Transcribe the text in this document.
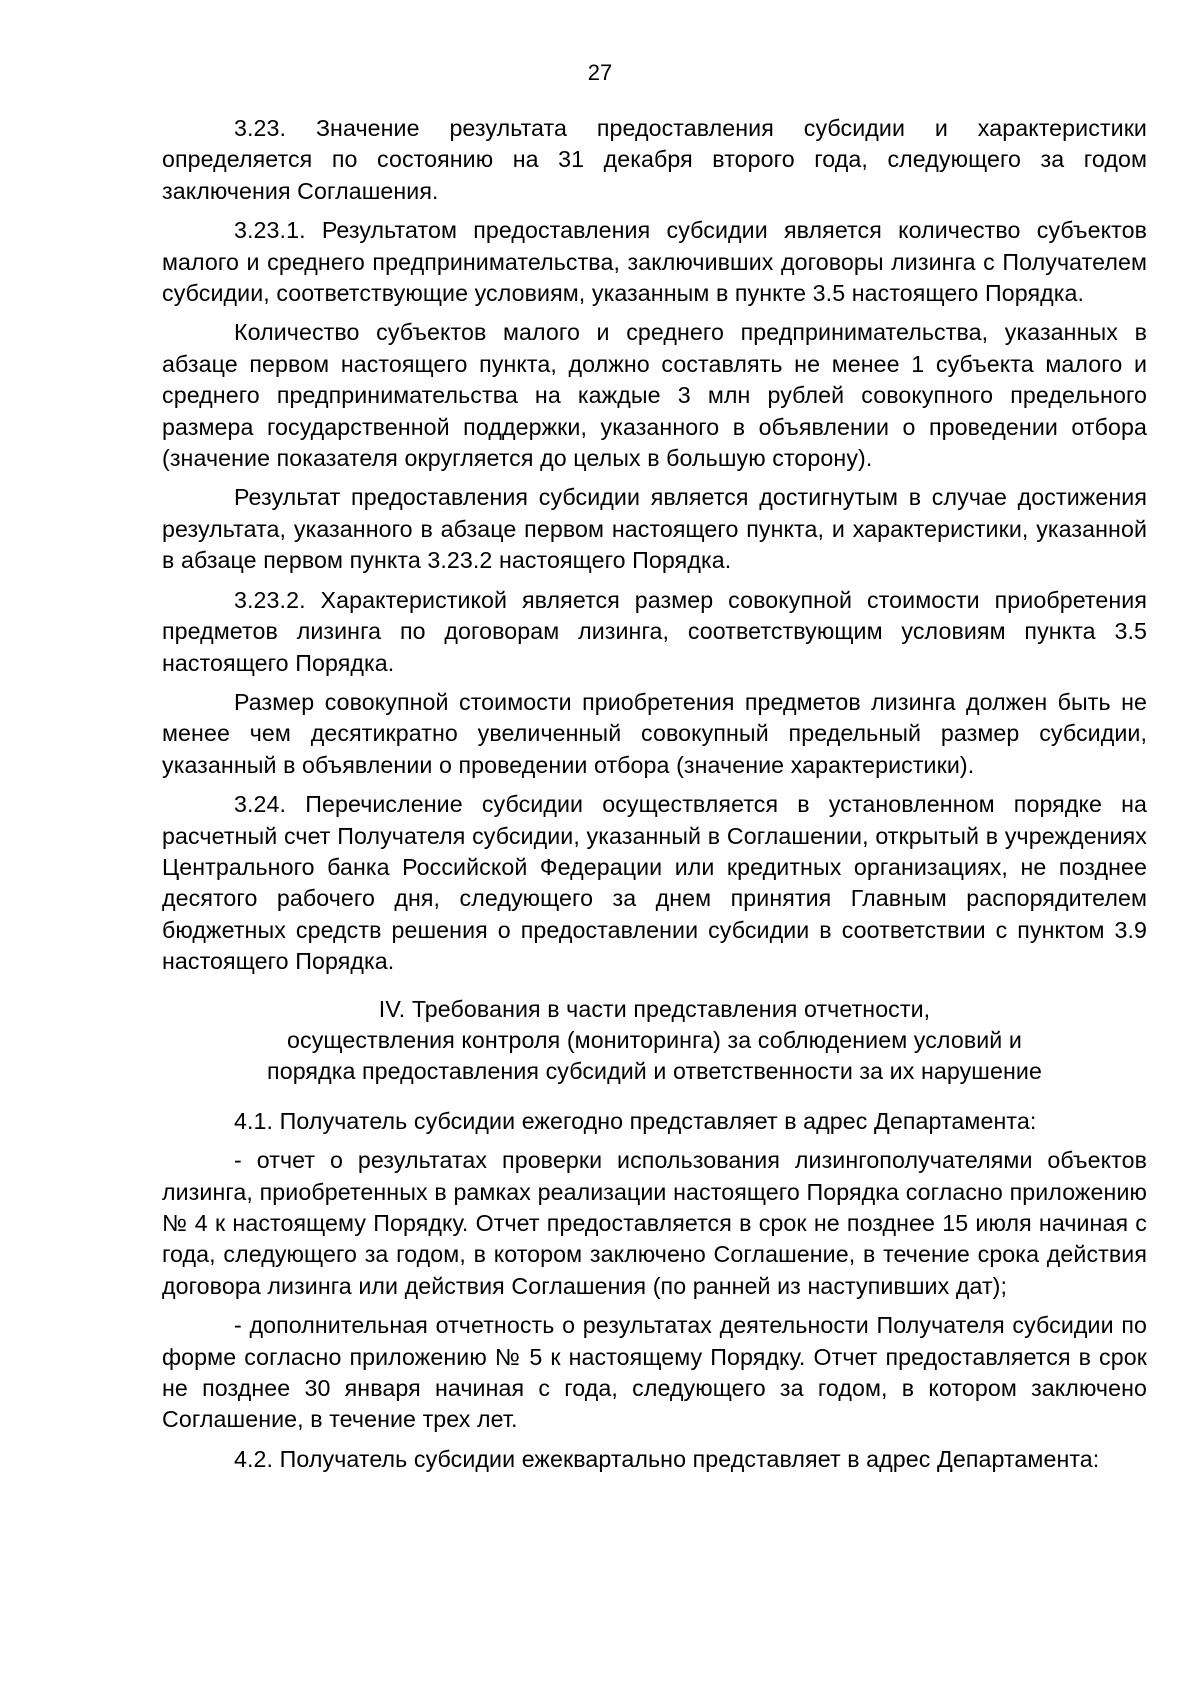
27

3.23. Значение результата предоставления субсидии и характеристики определяется по состоянию на 31 декабря второго года, следующего за годом заключения Соглашения.

3.23.1. Результатом предоставления субсидии является количество субъектов малого и среднего предпринимательства, заключивших договоры лизинга с Получателем субсидии, соответствующие условиям, указанным в пункте 3.5 настоящего Порядка.

Количество субъектов малого и среднего предпринимательства, указанных в абзаце первом настоящего пункта, должно составлять не менее 1 субъекта малого и среднего предпринимательства на каждые 3 млн рублей совокупного предельного размера государственной поддержки, указанного в объявлении о проведении отбора (значение показателя округляется до целых в большую сторону).

Результат предоставления субсидии является достигнутым в случае достижения результата, указанного в абзаце первом настоящего пункта, и характеристики, указанной в абзаце первом пункта 3.23.2 настоящего Порядка.

3.23.2. Характеристикой является размер совокупной стоимости приобретения предметов лизинга по договорам лизинга, соответствующим условиям пункта 3.5 настоящего Порядка.

Размер совокупной стоимости приобретения предметов лизинга должен быть не менее чем десятикратно увеличенный совокупный предельный размер субсидии, указанный в объявлении о проведении отбора (значение характеристики).

3.24. Перечисление субсидии осуществляется в установленном порядке на расчетный счет Получателя субсидии, указанный в Соглашении, открытый в учреждениях Центрального банка Российской Федерации или кредитных организациях, не позднее десятого рабочего дня, следующего за днем принятия Главным распорядителем бюджетных средств решения о предоставлении субсидии в соответствии с пунктом 3.9 настоящего Порядка.

IV. Требования в части представления отчетности,
осуществления контроля (мониторинга) за соблюдением условий и
порядка предоставления субсидий и ответственности за их нарушение

4.1. Получатель субсидии ежегодно представляет в адрес Департамента:

- отчет о результатах проверки использования лизингополучателями объектов лизинга, приобретенных в рамках реализации настоящего Порядка согласно приложению № 4 к настоящему Порядку. Отчет предоставляется в срок не позднее 15 июля начиная с года, следующего за годом, в котором заключено Соглашение, в течение срока действия договора лизинга или действия Соглашения (по ранней из наступивших дат);

- дополнительная отчетность о результатах деятельности Получателя субсидии по форме согласно приложению № 5 к настоящему Порядку. Отчет предоставляется в срок не позднее 30 января начиная с года, следующего за годом, в котором заключено Соглашение, в течение трех лет.

4.2. Получатель субсидии ежеквартально представляет в адрес Департамента:
